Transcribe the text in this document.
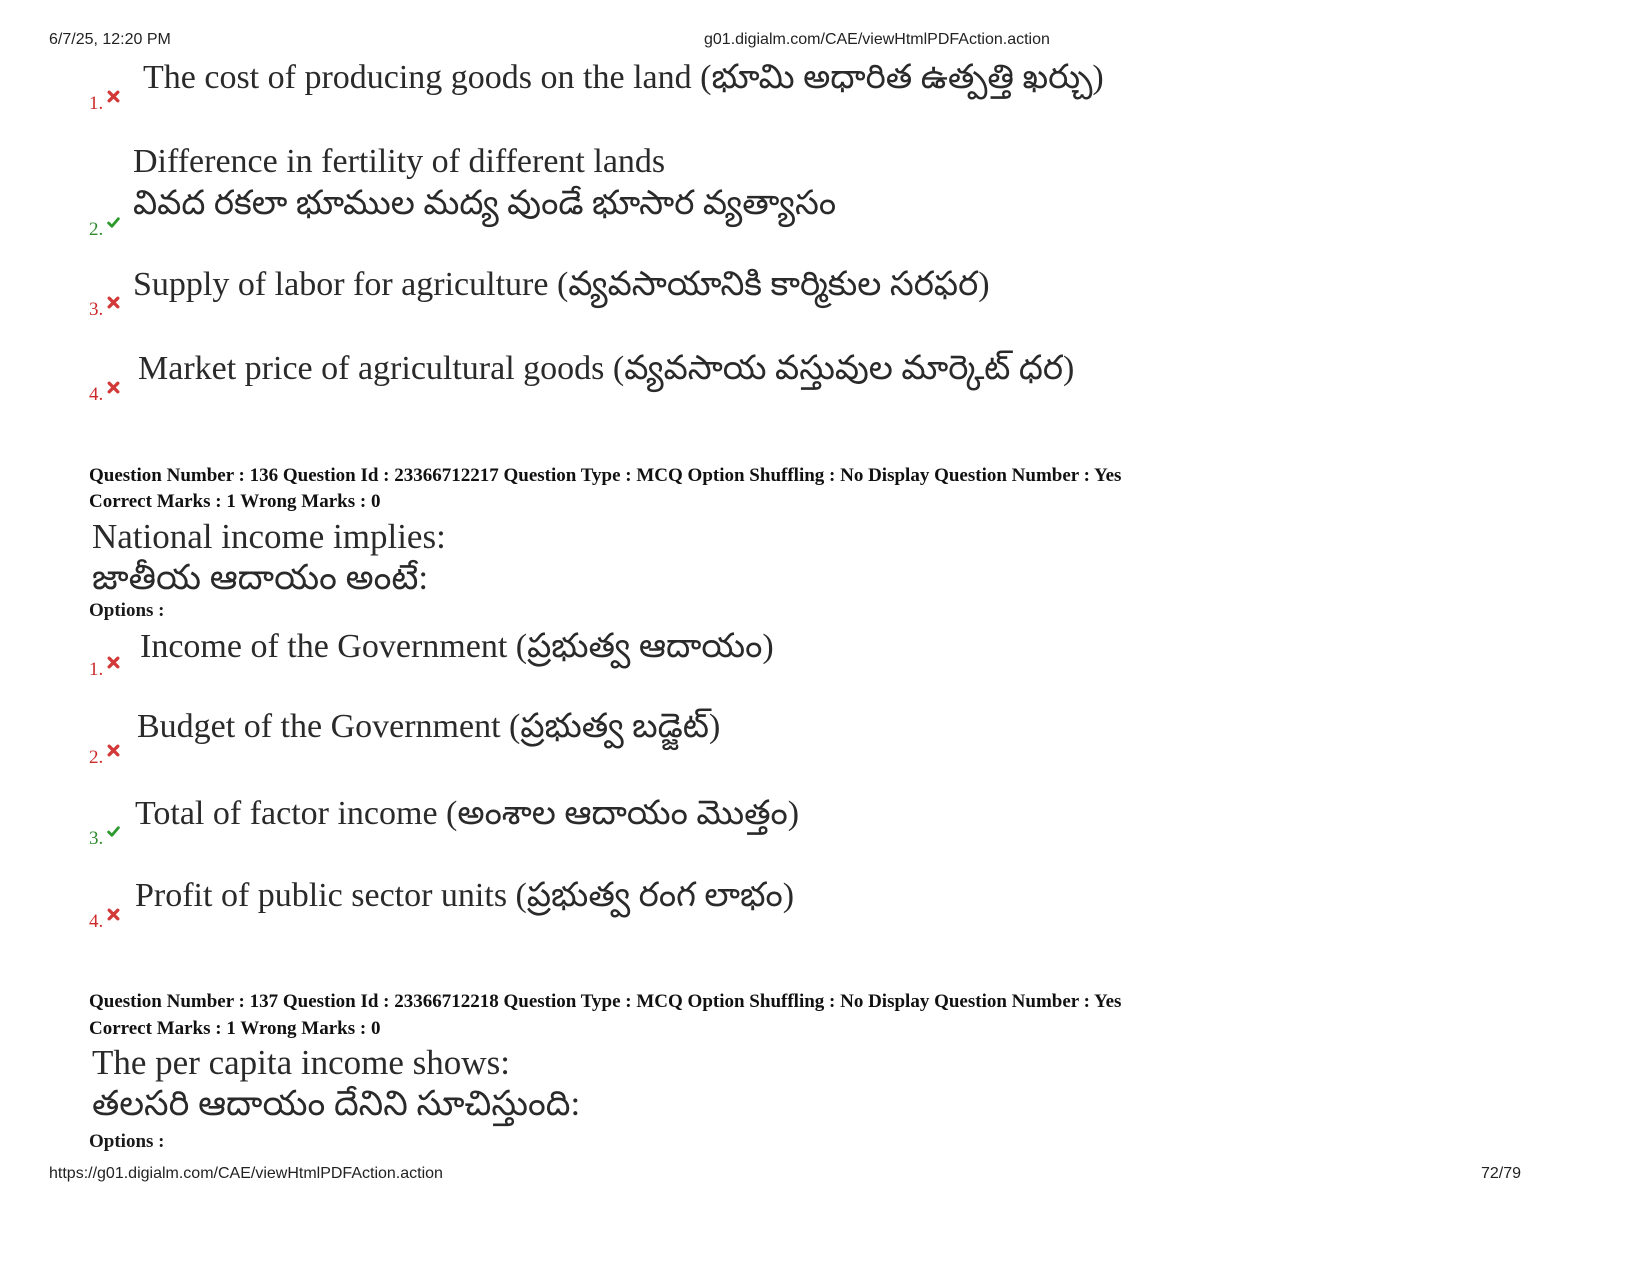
6/7/25, 12:20 PM	g01.digialm.com/CAE/viewHtmlPDFAction.action
1.
The cost of producing goods on the land (భూమి అధారిత ఉత్పత్తి ఖర్చు)
2.
Difference in fertility of different lands
వివద రకలా భూముల మద్య వుండే భూసార వ్యత్యాసం
3.
Supply of labor for agriculture (వ్యవసాయానికి కార్మికుల సరఫర)
4.
Market price of agricultural goods (వ్యవసాయ వస్తువుల మార్కెట్ ధర)
Question Number : 136 Question Id : 23366712217 Question Type : MCQ Option Shuffling : No Display Question Number : Yes
Correct Marks : 1 Wrong Marks : 0
National income implies:
జాతీయ ఆదాయం అంటే:
Options :
1.
Income of the Government (ప్రభుత్వ ఆదాయం)
2.
Budget of the Government (ప్రభుత్వ బడ్జెట్)
3.
Total of factor income (అంశాల ఆదాయం మొత్తం)
4.
Profit of public sector units (ప్రభుత్వ రంగ లాభం)
Question Number : 137 Question Id : 23366712218 Question Type : MCQ Option Shuffling : No Display Question Number : Yes
Correct Marks : 1 Wrong Marks : 0
The per capita income shows:
తలసరి ఆదాయం దేనిని సూచిస్తుంది:
Options :
https://g01.digialm.com/CAE/viewHtmlPDFAction.action	72/79
